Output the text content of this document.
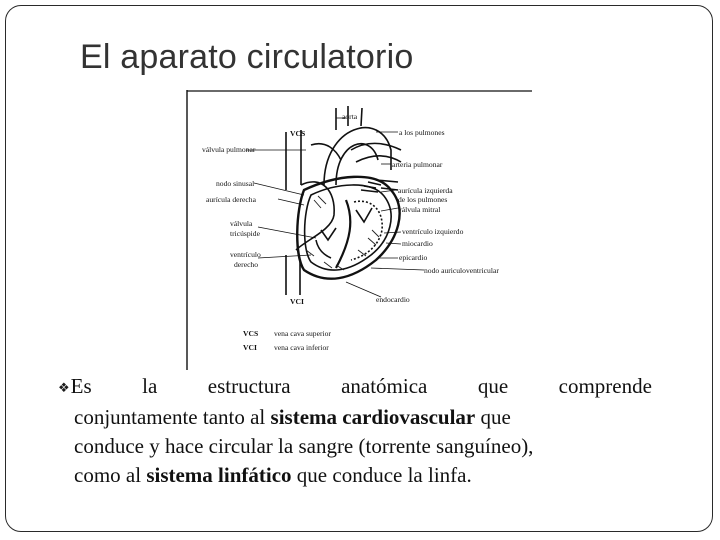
El aparato circulatorio
aorta
a los pulmones
VCS
válvula pulmonar
arteria pulmonar
nodo sinusal
aurícula derecha
aurícula izquierda
de los pulmones
válvula mitral
válvula
tricúspide	ventrículo izquierdo
miocardio
ventrículo
derecho
epicardio
nodo auriculoventricular
VCI	endocardio
VCS vena cava superior
VCI vena cava inferior
❖ Es la estructura anatómica que comprende
conjuntamente tanto al sistema cardiovascular que
conduce y hace circular la sangre (torrente sanguíneo),
como al sistema linfático que conduce la linfa.
